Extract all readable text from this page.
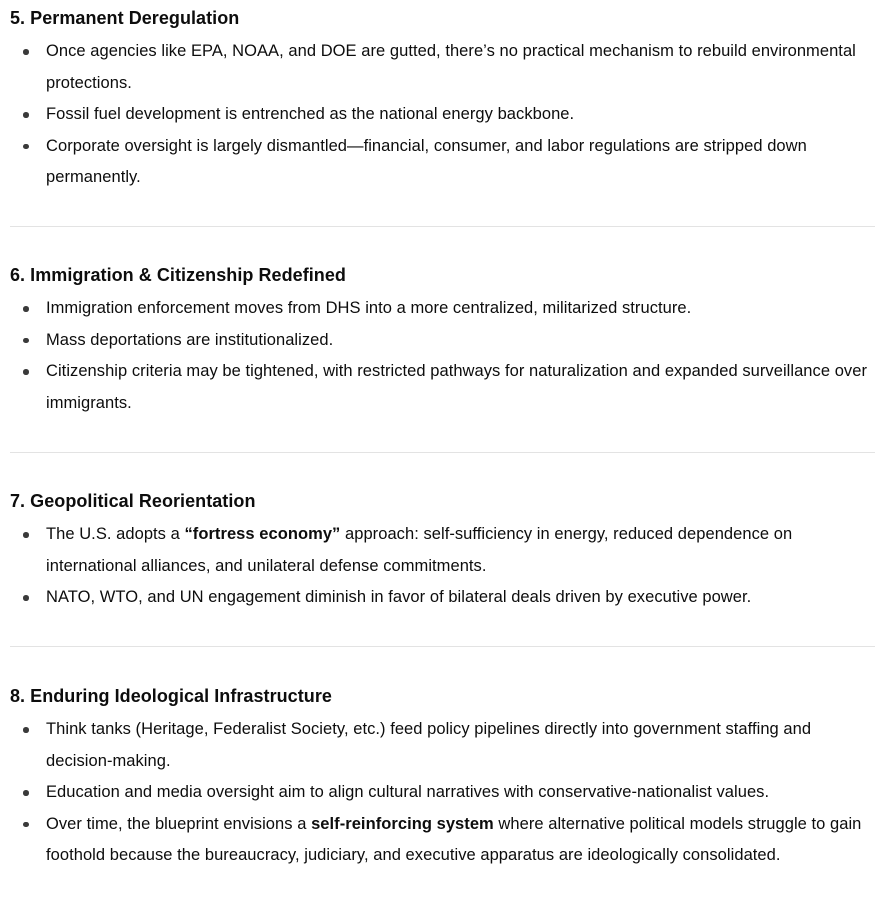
5. Permanent Deregulation
Once agencies like EPA, NOAA, and DOE are gutted, there’s no practical mechanism to rebuild environmental protections.
Fossil fuel development is entrenched as the national energy backbone.
Corporate oversight is largely dismantled—financial, consumer, and labor regulations are stripped down permanently.
6. Immigration & Citizenship Redefined
Immigration enforcement moves from DHS into a more centralized, militarized structure.
Mass deportations are institutionalized.
Citizenship criteria may be tightened, with restricted pathways for naturalization and expanded surveillance over immigrants.
7. Geopolitical Reorientation
The U.S. adopts a “fortress economy” approach: self-sufficiency in energy, reduced dependence on international alliances, and unilateral defense commitments.
NATO, WTO, and UN engagement diminish in favor of bilateral deals driven by executive power.
8. Enduring Ideological Infrastructure
Think tanks (Heritage, Federalist Society, etc.) feed policy pipelines directly into government staffing and decision-making.
Education and media oversight aim to align cultural narratives with conservative-nationalist values.
Over time, the blueprint envisions a self-reinforcing system where alternative political models struggle to gain foothold because the bureaucracy, judiciary, and executive apparatus are ideologically consolidated.
